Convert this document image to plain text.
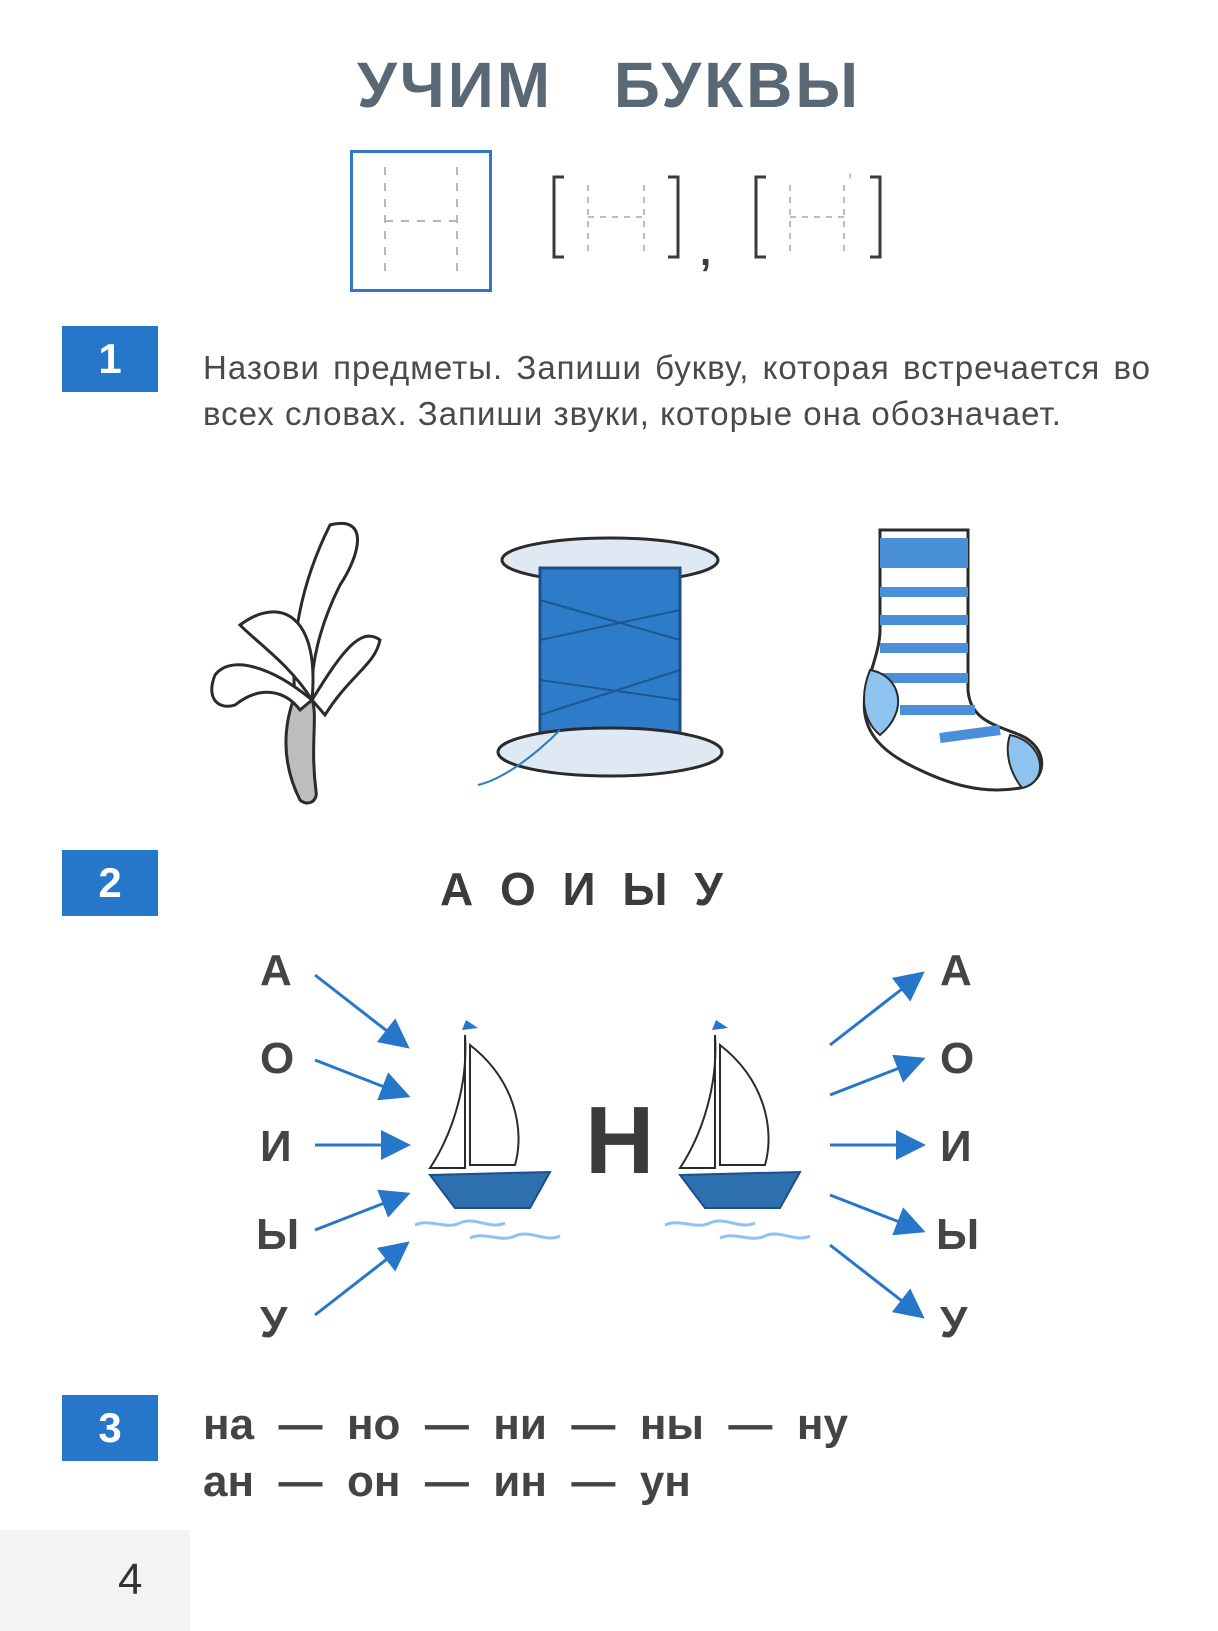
УЧИМ БУКВЫ
,
'
1	Назови предметы. Запиши букву, которая встречается во всех словах. Запиши звуки, которые она обозначает.
2	А О И Ы У
А
О
И
Ы
У
А
О
И
Ы
У
Н
3	на  —  но  —  ни  —  ны  —  ну
ан  —  он  —  ин  —  ун
4
